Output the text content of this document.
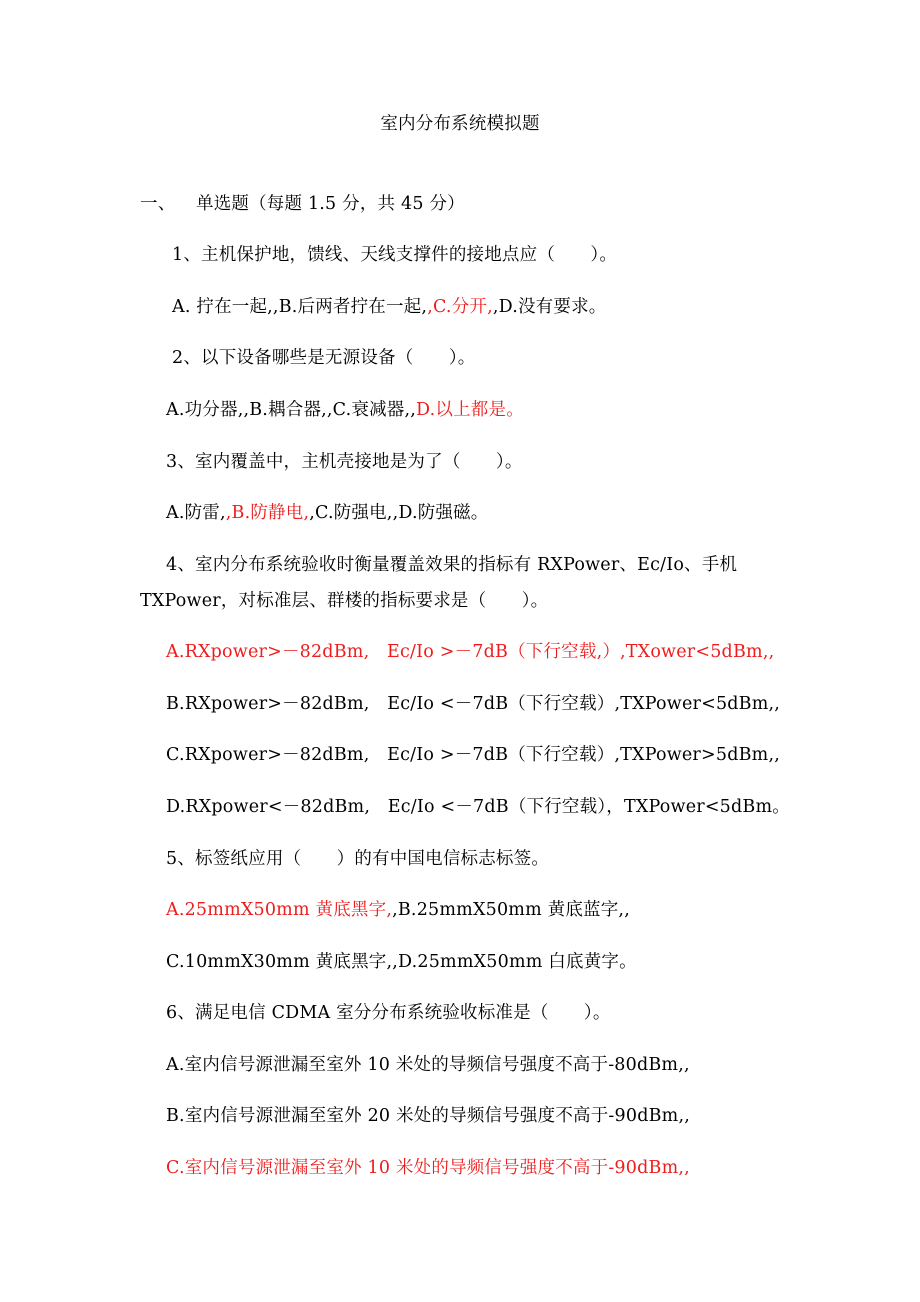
室内分布系统模拟题
一、 单选题（每题 1.5 分，共 45 分）
1、主机保护地，馈线、天线支撑件的接地点应（　　）。
A. 拧在一起,,B.后两者拧在一起,,C.分开,,D.没有要求。
2、以下设备哪些是无源设备（　　）。
A.功分器,,B.耦合器,,C.衰减器,,D.以上都是。
3、室内覆盖中，主机壳接地是为了（　　）。
A.防雷,,B.防静电,,C.防强电,,D.防强磁。
4、室内分布系统验收时衡量覆盖效果的指标有 RXPower、Ec/Io、手机
TXPower，对标准层、群楼的指标要求是（　　）。
A.RXpower>－82dBm,　Ec/Io >－7dB（下行空载,）,TXower<5dBm,,
B.RXpower>－82dBm,　Ec/Io <－7dB（下行空载）,TXPower<5dBm,,
C.RXpower>－82dBm,　Ec/Io >－7dB（下行空载）,TXPower>5dBm,,
D.RXpower<－82dBm,　Ec/Io <－7dB（下行空载），TXPower<5dBm。
5、标签纸应用（　　）的有中国电信标志标签。
A.25mmX50mm 黄底黑字,,B.25mmX50mm 黄底蓝字,,
C.10mmX30mm 黄底黑字,,D.25mmX50mm 白底黄字。
6、满足电信 CDMA 室分分布系统验收标准是（　　）。
A.室内信号源泄漏至室外 10 米处的导频信号强度不高于-80dBm,,
B.室内信号源泄漏至室外 20 米处的导频信号强度不高于-90dBm,,
C.室内信号源泄漏至室外 10 米处的导频信号强度不高于-90dBm,,
